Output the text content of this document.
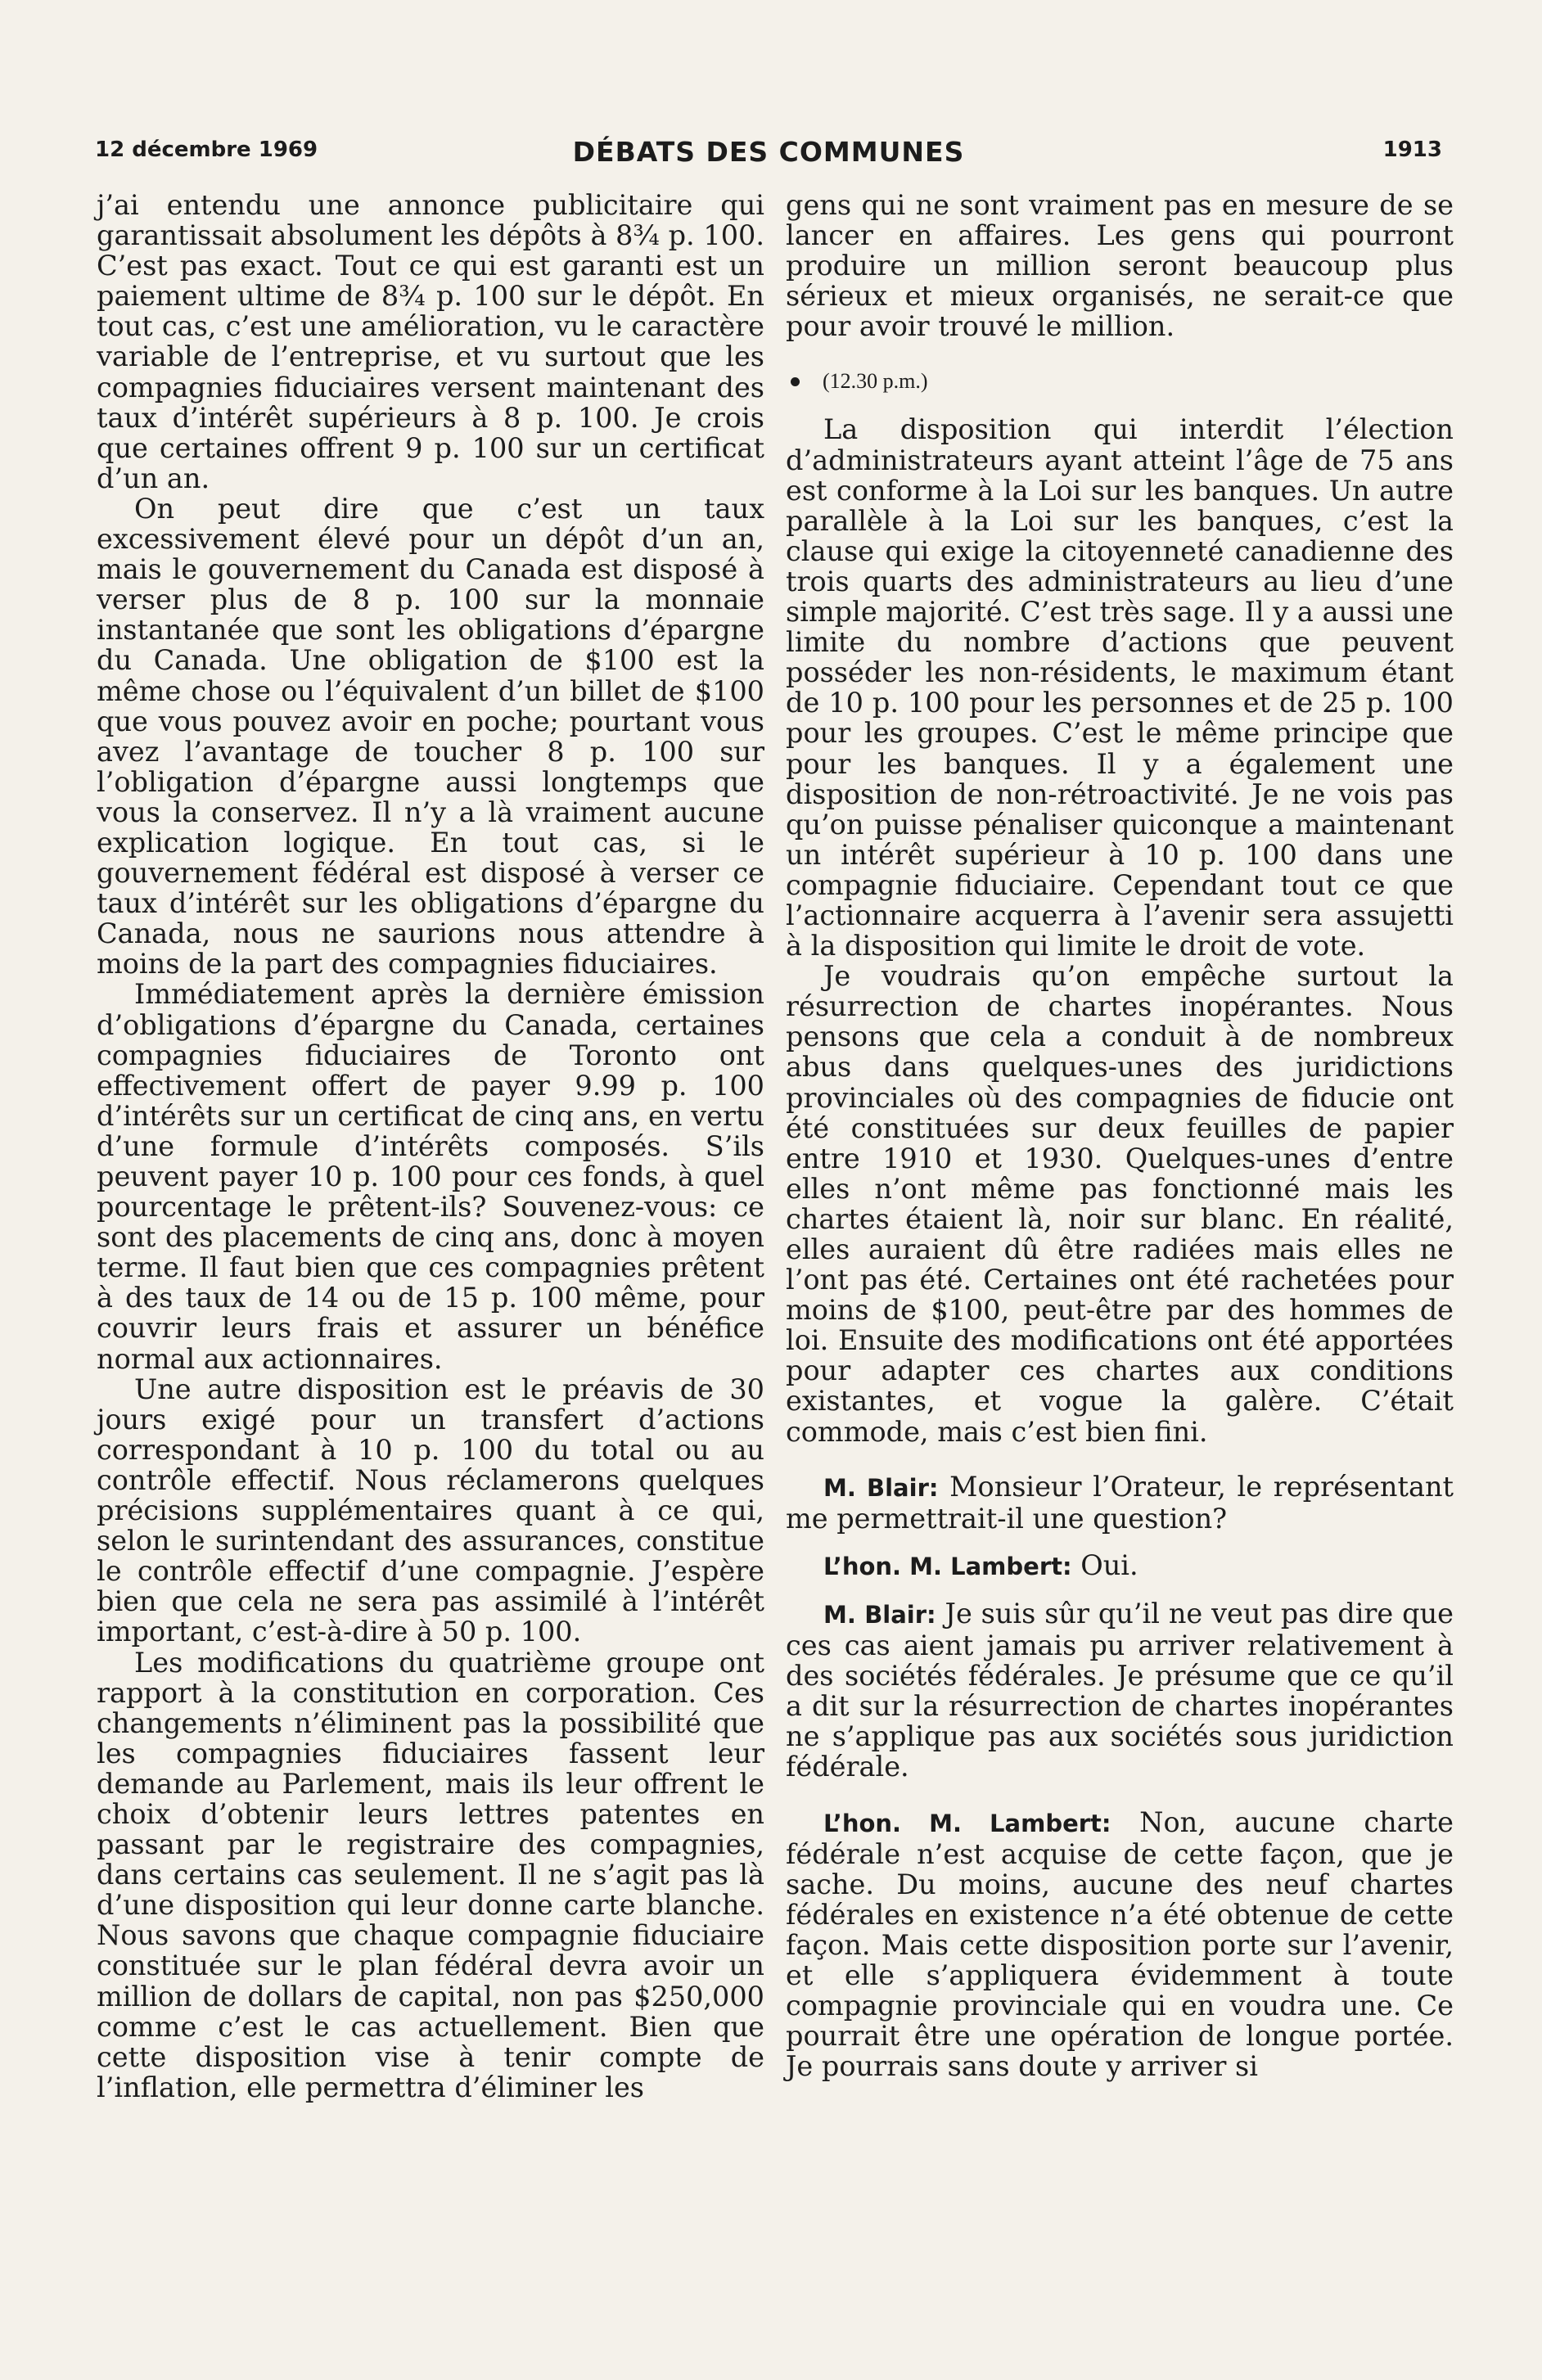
12 décembre 1969	DÉBATS DES COMMUNES	1913

j’ai entendu une annonce publicitaire qui garantissait absolument les dépôts à 8¾ p. 100. C’est pas exact. Tout ce qui est garanti est un paiement ultime de 8¾ p. 100 sur le dépôt. En tout cas, c’est une amélioration, vu le caractère variable de l’entreprise, et vu surtout que les compagnies fiduciaires versent maintenant des taux d’intérêt supérieurs à 8 p. 100. Je crois que certaines offrent 9 p. 100 sur un certificat d’un an.

On peut dire que c’est un taux excessivement élevé pour un dépôt d’un an, mais le gouvernement du Canada est disposé à verser plus de 8 p. 100 sur la monnaie instantanée que sont les obligations d’épargne du Canada. Une obligation de $100 est la même chose ou l’équivalent d’un billet de $100 que vous pouvez avoir en poche; pourtant vous avez l’avantage de toucher 8 p. 100 sur l’obligation d’épargne aussi longtemps que vous la conservez. Il n’y a là vraiment aucune explication logique. En tout cas, si le gouvernement fédéral est disposé à verser ce taux d’intérêt sur les obligations d’épargne du Canada, nous ne saurions nous attendre à moins de la part des compagnies fiduciaires.

Immédiatement après la dernière émission d’obligations d’épargne du Canada, certaines compagnies fiduciaires de Toronto ont effectivement offert de payer 9.99 p. 100 d’intérêts sur un certificat de cinq ans, en vertu d’une formule d’intérêts composés. S’ils peuvent payer 10 p. 100 pour ces fonds, à quel pourcentage le prêtent-ils? Souvenez-vous: ce sont des placements de cinq ans, donc à moyen terme. Il faut bien que ces compagnies prêtent à des taux de 14 ou de 15 p. 100 même, pour couvrir leurs frais et assurer un bénéfice normal aux actionnaires.

Une autre disposition est le préavis de 30 jours exigé pour un transfert d’actions correspondant à 10 p. 100 du total ou au contrôle effectif. Nous réclamerons quelques précisions supplémentaires quant à ce qui, selon le surintendant des assurances, constitue le contrôle effectif d’une compagnie. J’espère bien que cela ne sera pas assimilé à l’intérêt important, c’est-à-dire à 50 p. 100.

Les modifications du quatrième groupe ont rapport à la constitution en corporation. Ces changements n’éliminent pas la possibilité que les compagnies fiduciaires fassent leur demande au Parlement, mais ils leur offrent le choix d’obtenir leurs lettres patentes en passant par le registraire des compagnies, dans certains cas seulement. Il ne s’agit pas là d’une disposition qui leur donne carte blanche. Nous savons que chaque compagnie fiduciaire constituée sur le plan fédéral devra avoir un million de dollars de capital, non pas $250,000 comme c’est le cas actuellement. Bien que cette disposition vise à tenir compte de l’inflation, elle permettra d’éliminer les

gens qui ne sont vraiment pas en mesure de se lancer en affaires. Les gens qui pourront produire un million seront beaucoup plus sérieux et mieux organisés, ne serait-ce que pour avoir trouvé le million.

(12.30 p.m.)

La disposition qui interdit l’élection d’administrateurs ayant atteint l’âge de 75 ans est conforme à la Loi sur les banques. Un autre parallèle à la Loi sur les banques, c’est la clause qui exige la citoyenneté canadienne des trois quarts des administrateurs au lieu d’une simple majorité. C’est très sage. Il y a aussi une limite du nombre d’actions que peuvent posséder les non-résidents, le maximum étant de 10 p. 100 pour les personnes et de 25 p. 100 pour les groupes. C’est le même principe que pour les banques. Il y a également une disposition de non-rétroactivité. Je ne vois pas qu’on puisse pénaliser quiconque a maintenant un intérêt supérieur à 10 p. 100 dans une compagnie fiduciaire. Cependant tout ce que l’actionnaire acquerra à l’avenir sera assujetti à la disposition qui limite le droit de vote.

Je voudrais qu’on empêche surtout la résurrection de chartes inopérantes. Nous pensons que cela a conduit à de nombreux abus dans quelques-unes des juridictions provinciales où des compagnies de fiducie ont été constituées sur deux feuilles de papier entre 1910 et 1930. Quelques-unes d’entre elles n’ont même pas fonctionné mais les chartes étaient là, noir sur blanc. En réalité, elles auraient dû être radiées mais elles ne l’ont pas été. Certaines ont été rachetées pour moins de $100, peut-être par des hommes de loi. Ensuite des modifications ont été apportées pour adapter ces chartes aux conditions existantes, et vogue la galère. C’était commode, mais c’est bien fini.

M. Blair: Monsieur l’Orateur, le représentant me permettrait-il une question?

L’hon. M. Lambert: Oui.

M. Blair: Je suis sûr qu’il ne veut pas dire que ces cas aient jamais pu arriver relativement à des sociétés fédérales. Je présume que ce qu’il a dit sur la résurrection de chartes inopérantes ne s’applique pas aux sociétés sous juridiction fédérale.

L’hon. M. Lambert: Non, aucune charte fédérale n’est acquise de cette façon, que je sache. Du moins, aucune des neuf chartes fédérales en existence n’a été obtenue de cette façon. Mais cette disposition porte sur l’avenir, et elle s’appliquera évidemment à toute compagnie provinciale qui en voudra une. Ce pourrait être une opération de longue portée. Je pourrais sans doute y arriver si
